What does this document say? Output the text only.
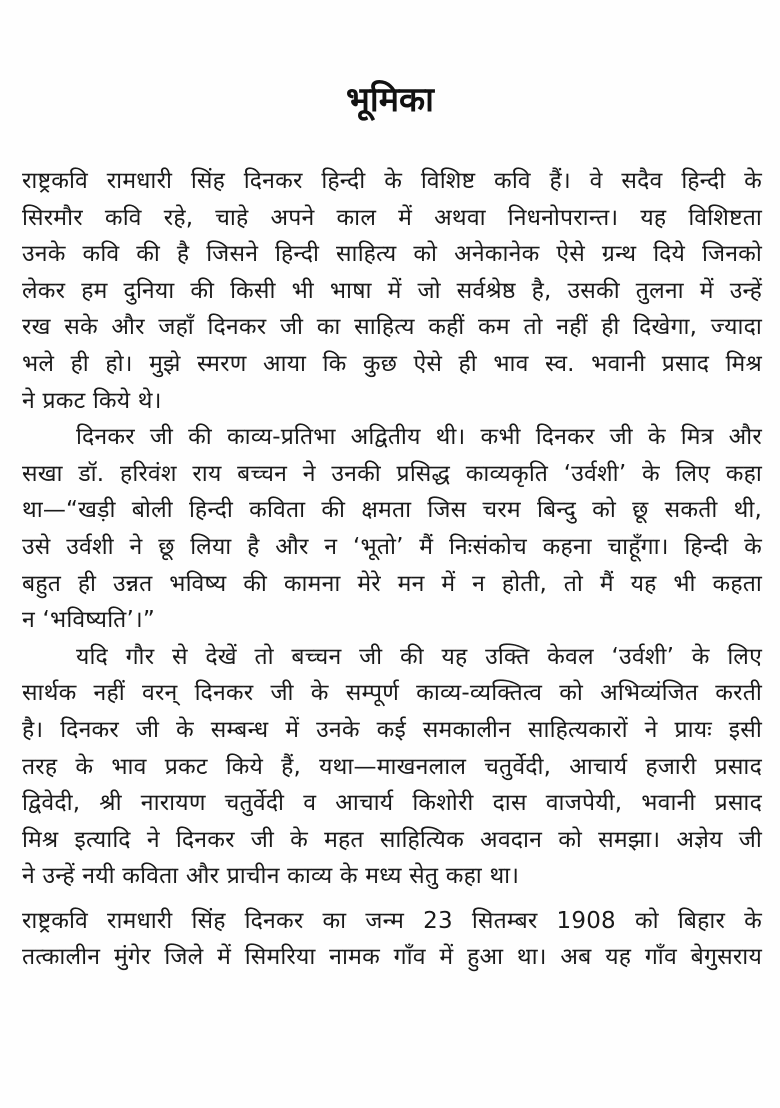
भूमिका
राष्ट्रकवि रामधारी सिंह दिनकर हिन्दी के विशिष्ट कवि हैं। वे सदैव हिन्दी के
सिरमौर कवि रहे, चाहे अपने काल में अथवा निधनोपरान्त। यह विशिष्टता
उनके कवि की है जिसने हिन्दी साहित्य को अनेकानेक ऐसे ग्रन्थ दिये जिनको
लेकर हम दुनिया की किसी भी भाषा में जो सर्वश्रेष्ठ है, उसकी तुलना में उन्हें
रख सके और जहाँ दिनकर जी का साहित्य कहीं कम तो नहीं ही दिखेगा, ज्यादा
भले ही हो। मुझे स्मरण आया कि कुछ ऐसे ही भाव स्व. भवानी प्रसाद मिश्र
ने प्रकट किये थे।
दिनकर जी की काव्य-प्रतिभा अद्वितीय थी। कभी दिनकर जी के मित्र और
सखा डॉ. हरिवंश राय बच्चन ने उनकी प्रसिद्ध काव्यकृति ‘उर्वशी’ के लिए कहा
था—“खड़ी बोली हिन्दी कविता की क्षमता जिस चरम बिन्दु को छू सकती थी,
उसे उर्वशी ने छू लिया है और न ‘भूतो’ मैं निःसंकोच कहना चाहूँगा। हिन्दी के
बहुत ही उन्नत भविष्य की कामना मेरे मन में न होती, तो मैं यह भी कहता
न ‘भविष्यति’।”
यदि गौर से देखें तो बच्चन जी की यह उक्ति केवल ‘उर्वशी’ के लिए
सार्थक नहीं वरन् दिनकर जी के सम्पूर्ण काव्य-व्यक्तित्व को अभिव्यंजित करती
है। दिनकर जी के सम्बन्ध में उनके कई समकालीन साहित्यकारों ने प्रायः इसी
तरह के भाव प्रकट किये हैं, यथा—माखनलाल चतुर्वेदी, आचार्य हजारी प्रसाद
द्विवेदी, श्री नारायण चतुर्वेदी व आचार्य किशोरी दास वाजपेयी, भवानी प्रसाद
मिश्र इत्यादि ने दिनकर जी के महत साहित्यिक अवदान को समझा। अज्ञेय जी
ने उन्हें नयी कविता और प्राचीन काव्य के मध्य सेतु कहा था।
राष्ट्रकवि रामधारी सिंह दिनकर का जन्म 23 सितम्बर 1908 को बिहार के
तत्कालीन मुंगेर जिले में सिमरिया नामक गाँव में हुआ था। अब यह गाँव बेगुसराय
